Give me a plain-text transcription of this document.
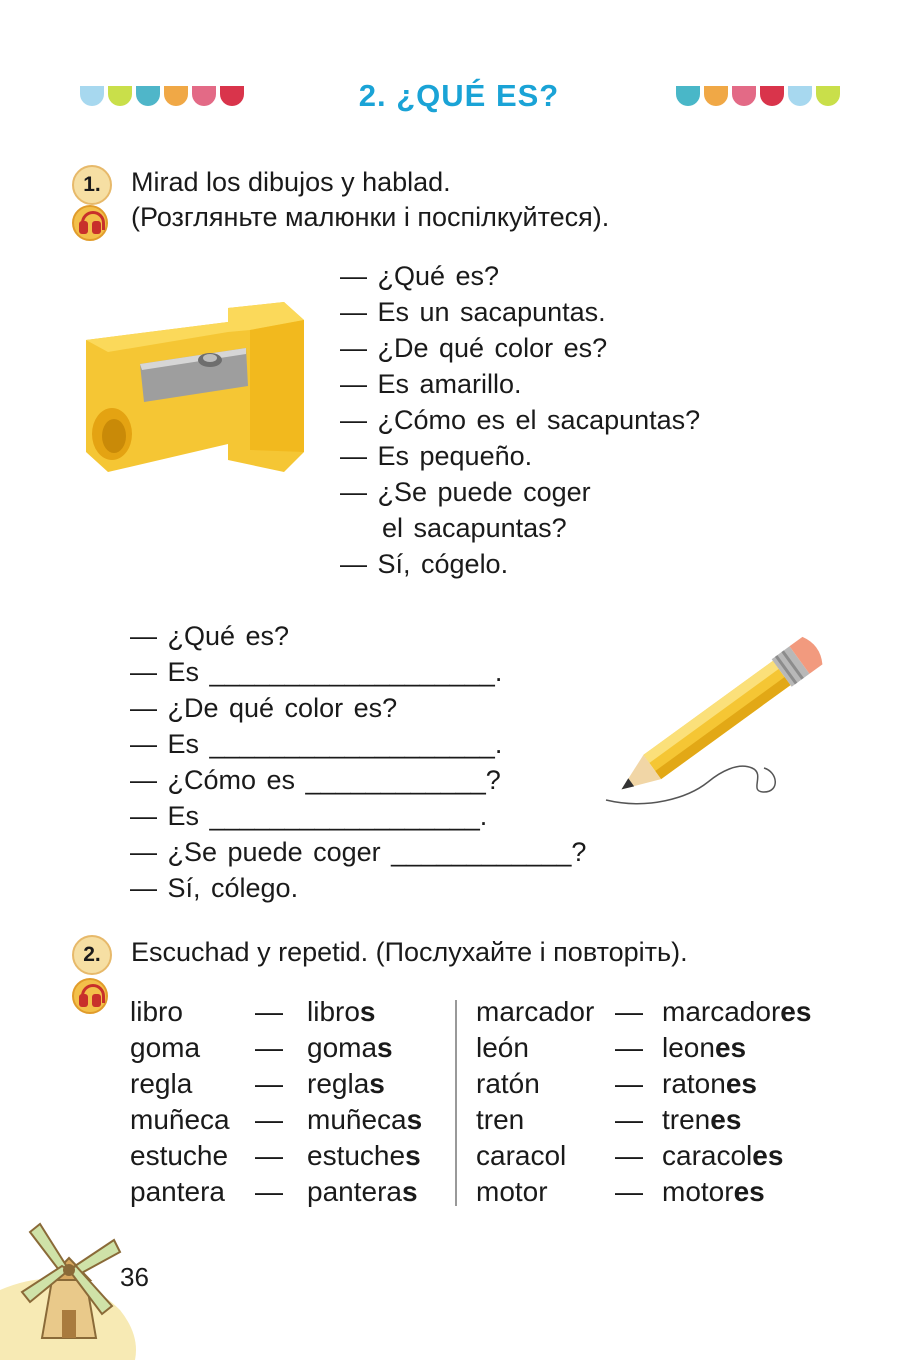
2. ¿QUÉ ES?
1.	Mirad los dibujos y hablad.
(Розгляньте малюнки і поспілкуйтеся).
— ¿Qué es?
— Es un sacapuntas.
— ¿De qué color es?
— Es amarillo.
— ¿Cómo es el sacapuntas?
— Es pequeño.
— ¿Se puede coger
el sacapuntas?
— Sí, cógelo.
— ¿Qué es?
— Es ___________________.
— ¿De qué color es?
— Es ___________________.
— ¿Cómo es ____________?
— Es __________________.
— ¿Se puede coger ____________?
— Sí, cólego.
2.	Escuchad y repetid. (Послухайте і повторіть).
libro
goma
regla
muñeca
estuche
pantera
—
—
—
—
—
—
libros
gomas
reglas
muñecas
estuches
panteras
marcador
león
ratón
tren
caracol
motor
—
—
—
—
—
—
marcadores
leones
ratones
trenes
caracoles
motores
36
